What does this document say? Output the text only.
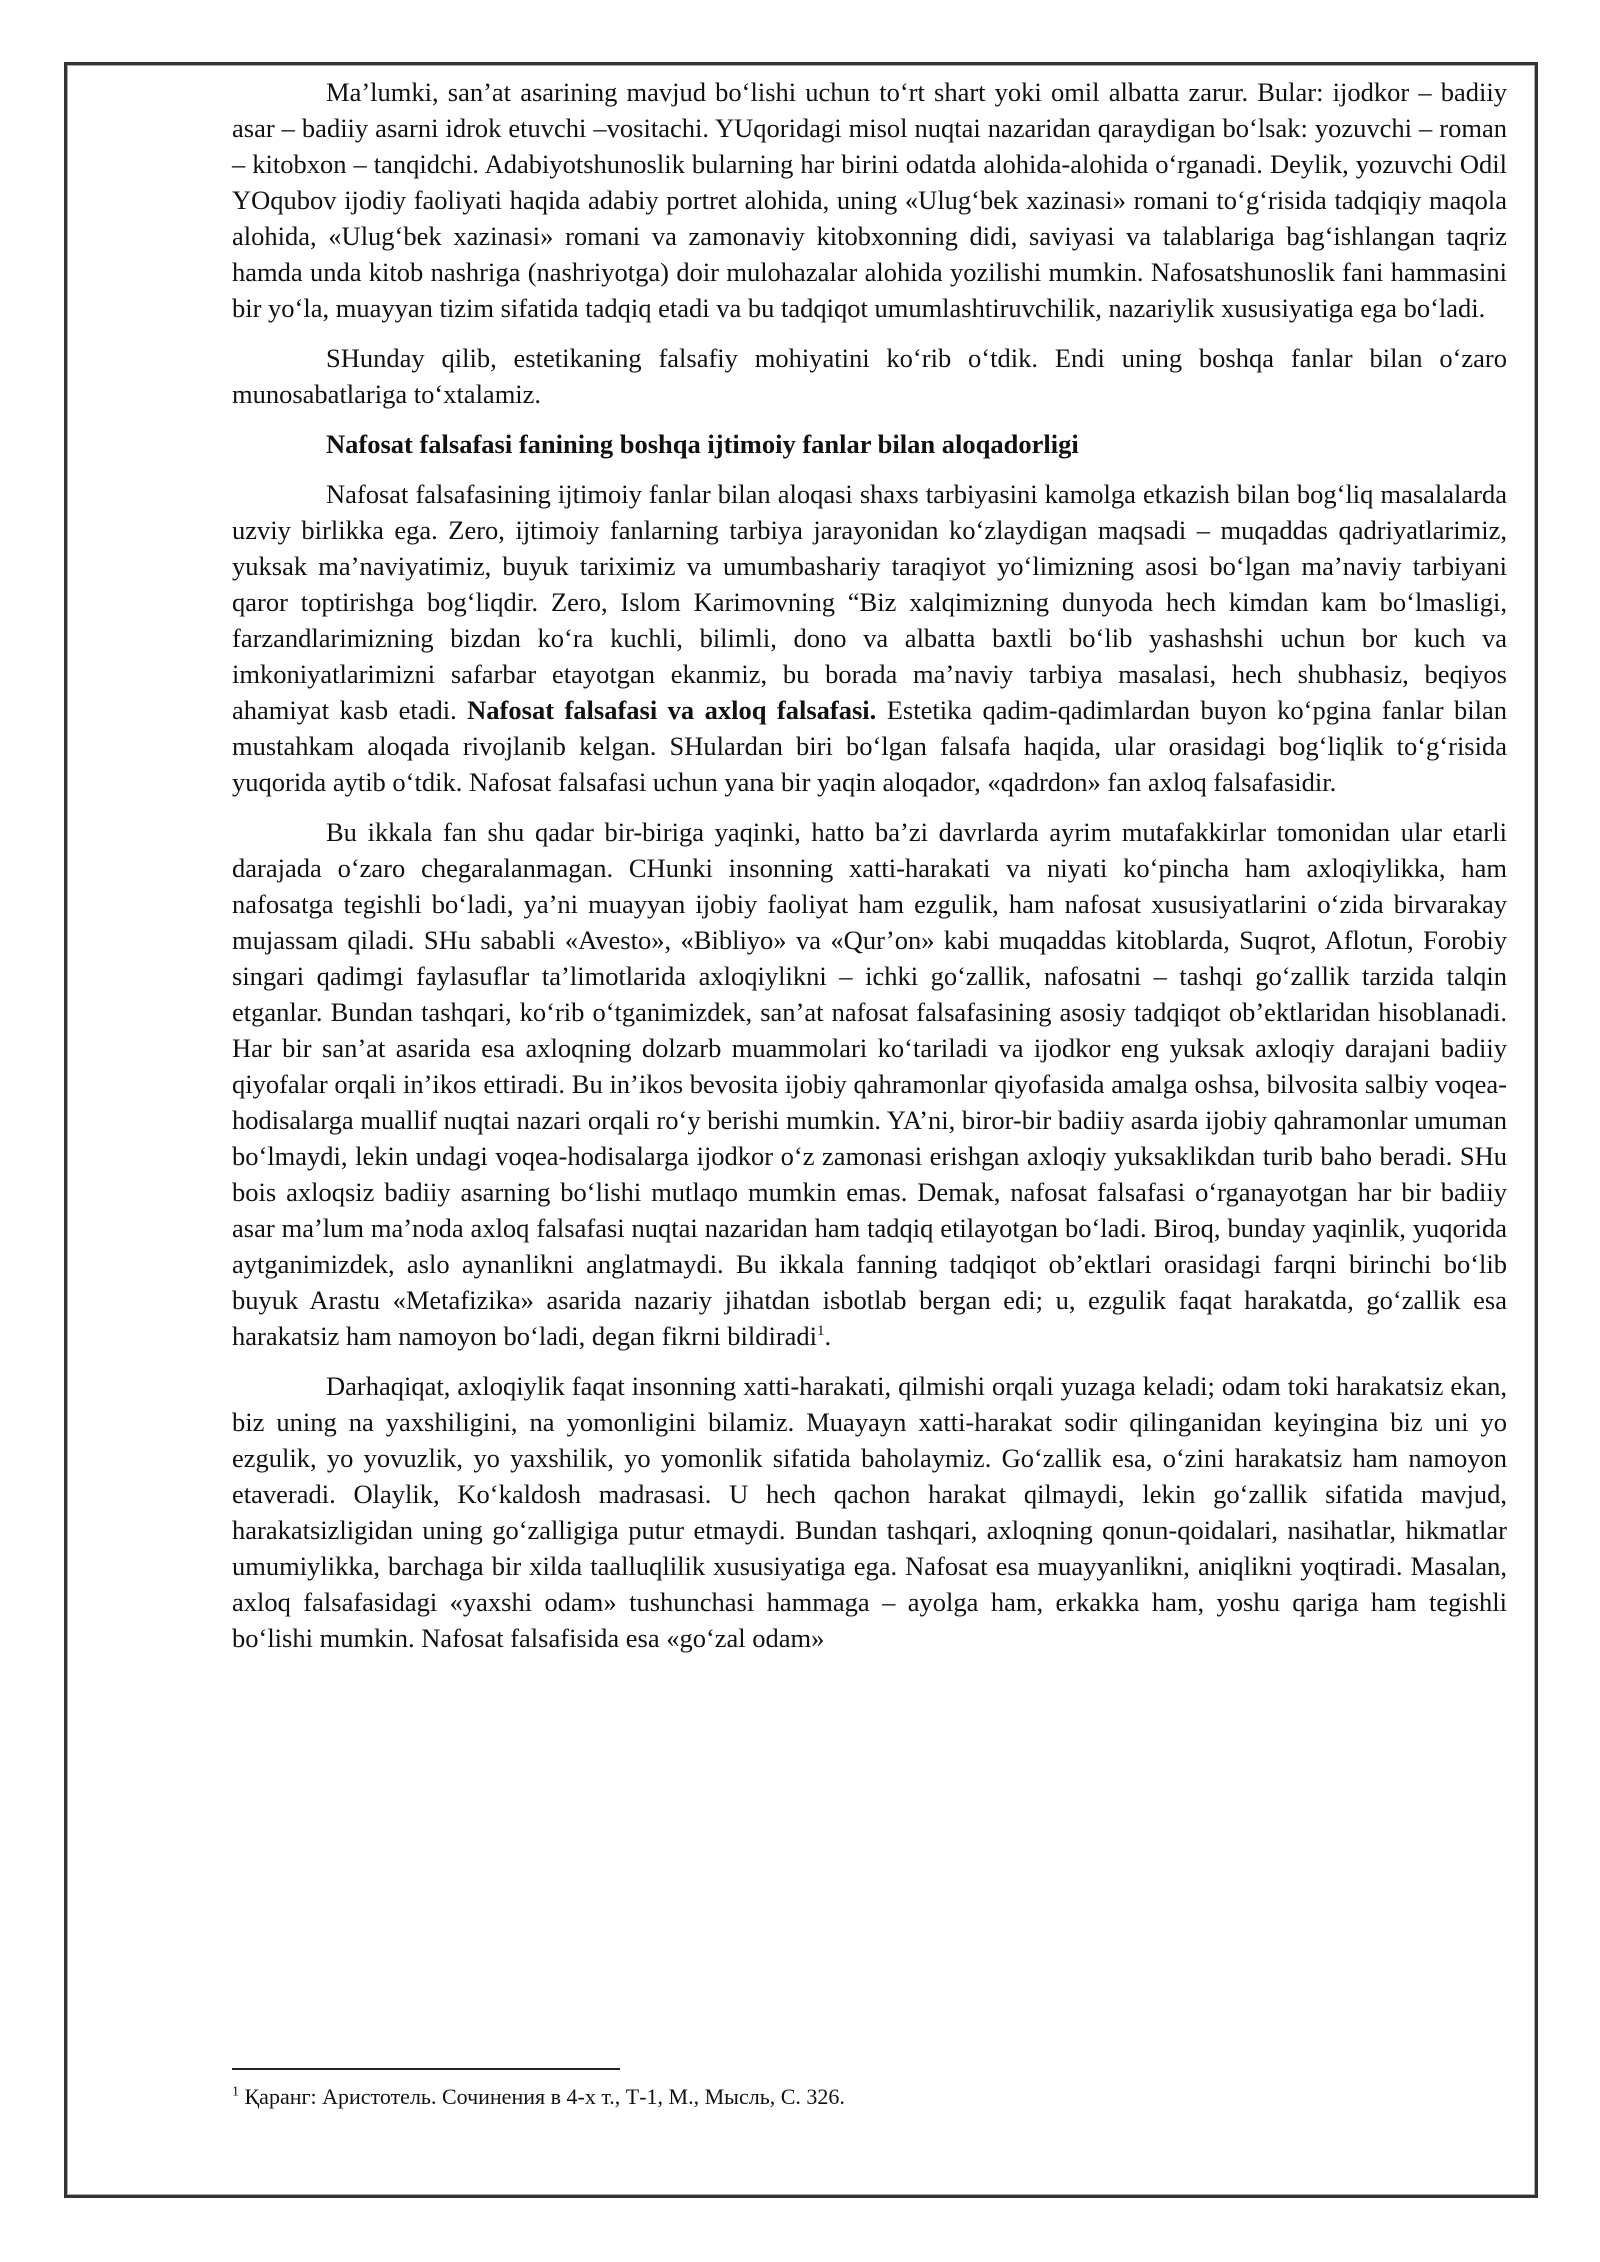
Ma’lumki, san’at asarining mavjud bo‘lishi uchun to‘rt shart yoki omil albatta zarur. Bular: ijodkor – badiiy asar – badiiy asarni idrok etuvchi –vositachi. YUqoridagi misol nuqtai nazaridan qaraydigan bo‘lsak: yozuvchi – roman – kitobxon – tanqidchi. Adabiyotshunoslik bularning har birini odatda alohida-alohida o‘rganadi. Deylik, yozuvchi Odil YOqubov ijodiy faoliyati haqida adabiy portret alohida, uning «Ulug‘bek xazinasi» romani to‘g‘risida tadqiqiy maqola alohida, «Ulug‘bek xazinasi» romani va zamonaviy kitobxonning didi, saviyasi va talablariga bag‘ishlangan taqriz hamda unda kitob nashriga (nashriyotga) doir mulohazalar alohida yozilishi mumkin. Nafosatshunoslik fani hammasini bir yo‘la, muayyan tizim sifatida tadqiq etadi va bu tadqiqot umumlashtiruvchilik, nazariylik xususiyatiga ega bo‘ladi.

SHunday qilib, estetikaning falsafiy mohiyatini ko‘rib o‘tdik. Endi uning boshqa fanlar bilan o‘zaro munosabatlariga to‘xtalamiz.

Nafosat falsafasi fanining boshqa ijtimoiy fanlar bilan aloqadorligi

Nafosat falsafasining ijtimoiy fanlar bilan aloqasi shaxs tarbiyasini kamolga etkazish bilan bog‘liq masalalarda uzviy birlikka ega. Zero, ijtimoiy fanlarning tarbiya jarayonidan ko‘zlaydigan maqsadi – muqaddas qadriyatlarimiz, yuksak ma’naviyatimiz, buyuk tariximiz va umumbashariy taraqiyot yo‘limizning asosi bo‘lgan ma’naviy tarbiyani qaror toptirishga bog‘liqdir. Zero, Islom Karimovning “Biz xalqimizning dunyoda hech kimdan kam bo‘lmasligi, farzandlarimizning bizdan ko‘ra kuchli, bilimli, dono va albatta baxtli bo‘lib yashashshi uchun bor kuch va imkoniyatlarimizni safarbar etayotgan ekanmiz, bu borada ma’naviy tarbiya masalasi, hech shubhasiz, beqiyos ahamiyat kasb etadi. Nafosat falsafasi va axloq falsafasi. Estetika qadim-qadimlardan buyon ko‘pgina fanlar bilan mustahkam aloqada rivojlanib kelgan. SHulardan biri bo‘lgan falsafa haqida, ular orasidagi bog‘liqlik to‘g‘risida yuqorida aytib o‘tdik. Nafosat falsafasi uchun yana bir yaqin aloqador, «qadrdon» fan axloq falsafasidir.

Bu ikkala fan shu qadar bir-biriga yaqinki, hatto ba’zi davrlarda ayrim mutafakkirlar tomonidan ular etarli darajada o‘zaro chegaralanmagan. CHunki insonning xatti-harakati va niyati ko‘pincha ham axloqiylikka, ham nafosatga tegishli bo‘ladi, ya’ni muayyan ijobiy faoliyat ham ezgulik, ham nafosat xususiyatlarini o‘zida birvarakay mujassam qiladi. SHu sababli «Avesto», «Bibliyo» va «Qur’on» kabi muqaddas kitoblarda, Suqrot, Aflotun, Forobiy singari qadimgi faylasuflar ta’limotlarida axloqiylikni – ichki go‘zallik, nafosatni – tashqi go‘zallik tarzida talqin etganlar. Bundan tashqari, ko‘rib o‘tganimizdek, san’at nafosat falsafasining asosiy tadqiqot ob’ektlaridan hisoblanadi. Har bir san’at asarida esa axloqning dolzarb muammolari ko‘tariladi va ijodkor eng yuksak axloqiy darajani badiiy qiyofalar orqali in’ikos ettiradi. Bu in’ikos bevosita ijobiy qahramonlar qiyofasida amalga oshsa, bilvosita salbiy voqea-hodisalarga muallif nuqtai nazari orqali ro‘y berishi mumkin. YA’ni, biror-bir badiiy asarda ijobiy qahramonlar umuman bo‘lmaydi, lekin undagi voqea-hodisalarga ijodkor o‘z zamonasi erishgan axloqiy yuksaklikdan turib baho beradi. SHu bois axloqsiz badiiy asarning bo‘lishi mutlaqo mumkin emas. Demak, nafosat falsafasi o‘rganayotgan har bir badiiy asar ma’lum ma’noda axloq falsafasi nuqtai nazaridan ham tadqiq etilayotgan bo‘ladi. Biroq, bunday yaqinlik, yuqorida aytganimizdek, aslo aynanlikni anglatmaydi. Bu ikkala fanning tadqiqot ob’ektlari orasidagi farqni birinchi bo‘lib buyuk Arastu «Metafizika» asarida nazariy jihatdan isbotlab bergan edi; u, ezgulik faqat harakatda, go‘zallik esa harakatsiz ham namoyon bo‘ladi, degan fikrni bildiradi$^1$.

Darhaqiqat, axloqiylik faqat insonning xatti-harakati, qilmishi orqali yuzaga keladi; odam toki harakatsiz ekan, biz uning na yaxshiligini, na yomonligini bilamiz. Muayayn xatti-harakat sodir qilinganidan keyingina biz uni yo ezgulik, yo yovuzlik, yo yaxshilik, yo yomonlik sifatida baholaymiz. Go‘zallik esa, o‘zini harakatsiz ham namoyon etaveradi. Olaylik, Ko‘kaldosh madrasasi. U hech qachon harakat qilmaydi, lekin go‘zallik sifatida mavjud, harakatsizligidan uning go‘zalligiga putur etmaydi. Bundan tashqari, axloqning qonun-qoidalari, nasihatlar, hikmatlar umumiylikka, barchaga bir xilda taalluqlilik xususiyatiga ega. Nafosat esa muayyanlikni, aniqlikni yoqtiradi. Masalan, axloq falsafasidagi «yaxshi odam» tushunchasi hammaga – ayolga ham, erkakka ham, yoshu qariga ham tegishli bo‘lishi mumkin. Nafosat falsafisida esa «go‘zal odam»

$^1$ Қаранг: Аристотель. Сочинения в 4-х т., Т-1, М., Мысль, С. 326.
